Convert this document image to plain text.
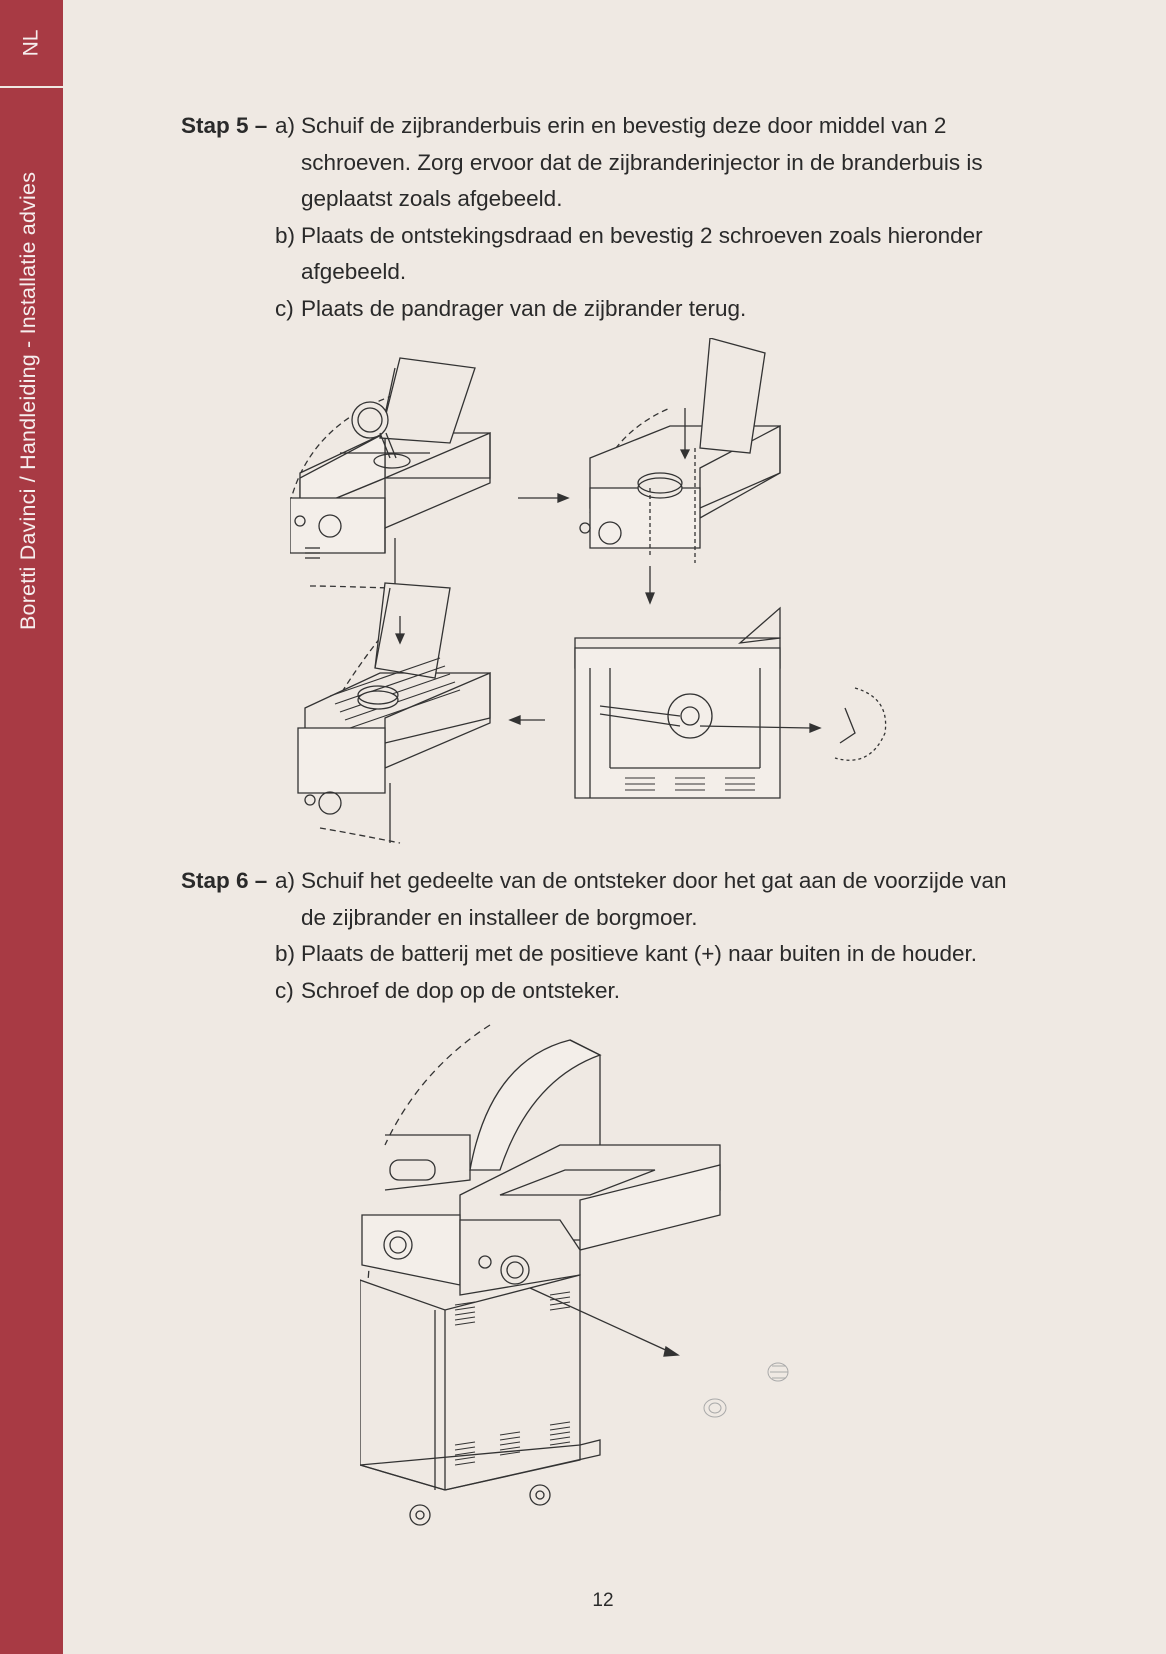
NL
Boretti Davinci / Handleiding - Installatie advies
Stap 5 – a) Schuif de zijbranderbuis erin en bevestig deze door middel van 2
schroeven. Zorg ervoor dat de zijbranderinjector in de branderbuis is
geplaatst zoals afgebeeld.
b) Plaats de ontstekingsdraad en bevestig 2 schroeven zoals hieronder
afgebeeld.
c) Plaats de pandrager van de zijbrander terug.
Stap 6 – a) Schuif het gedeelte van de ontsteker door het gat aan de voorzijde van
de zijbrander en installeer de borgmoer.
b) Plaats de batterij met de positieve kant (+) naar buiten in de houder.
c) Schroef de dop op de ontsteker.
12
